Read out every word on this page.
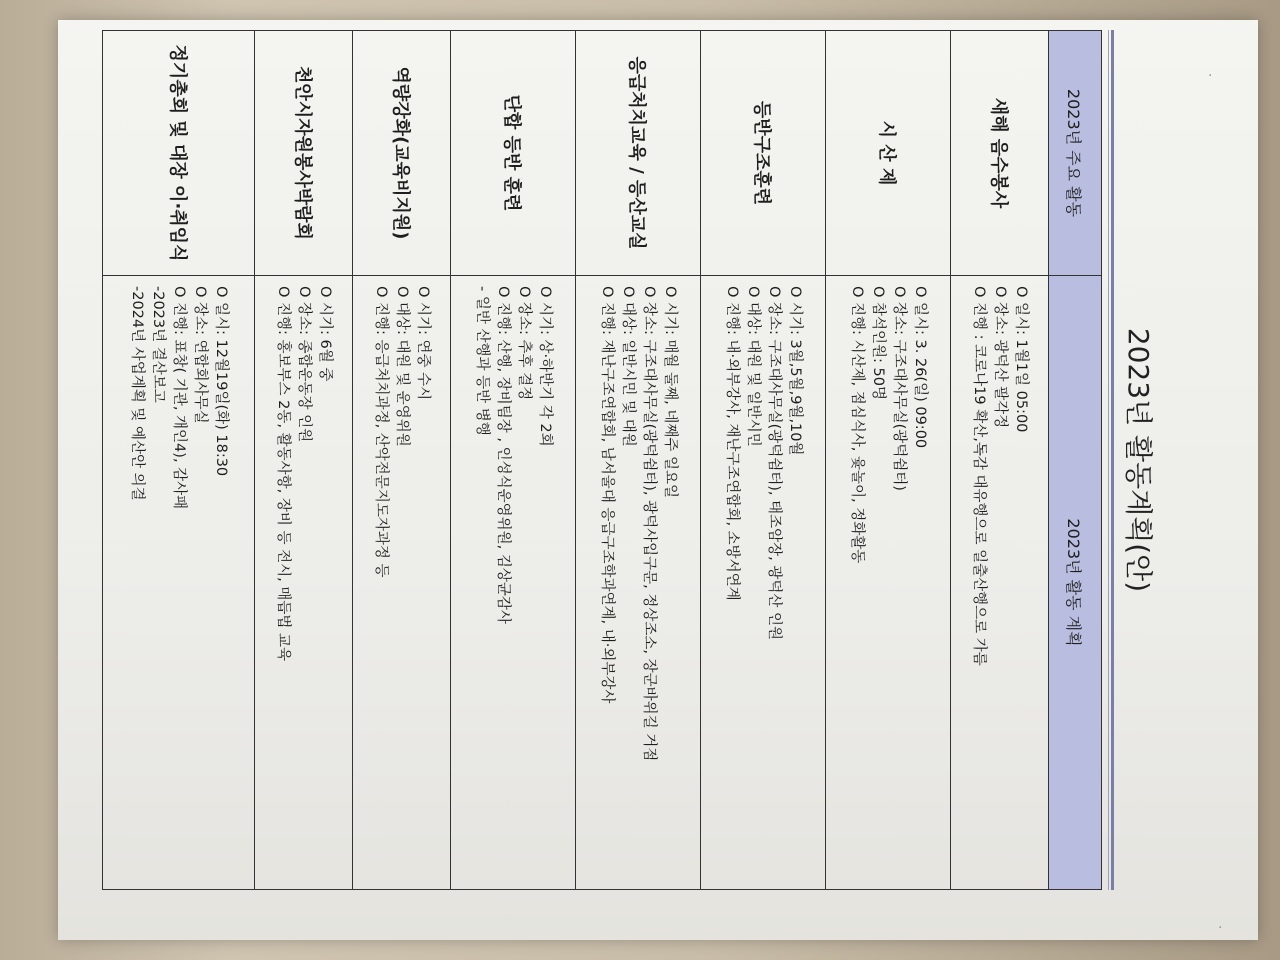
·
·
2023년 활동계획(안)
2023년 주요 활동	2023년 활동 계획
새해 음수봉사	O 일시: 1월1일 05:00
O 장소: 광덕산 팔각정
O 진행 : 코로나19 확산,독감 대유행으로 일출산행으로 가름

시 산 제	O 일시: 3. 26(일) 09:00
O 장소: 구조대사무실(광덕쉼터)
O 참석인원: 50명
O 진행: 시산제, 점심식사, 윷놀이, 정화활동

등반구조훈련	O 시기: 3월,5월,9월,10월
O 장소: 구조대사무실(광덕쉼터), 태조암장, 광덕산 인원
O 대상: 대원 및 일반시민
O 진행: 내·외부강사, 재난구조연합회, 소방서연계

응급처치교육 / 등산교실	O 시기: 매월 둘째, 네째주 일요일
O 장소: 구조대사무실(광덕쉼터), 광덕사입구문, 정상조소, 장군바위길 거점
O 대상: 일반시민 및 대원
O 진행: 재난구조연합회, 남서울대 응급구조학과연계, 내·외부강사

단합 등반 훈련	O 시기: 상·하반기 각 2회
O 장소: 추후 결정
O 진행: 산행, 장비팀장 , 인성식운영위원, 김상균감사
- 일반 산행과 등반 병행

역량강화(교육비지원)	O 시기: 연중 수시
O 대상: 대원 및 운영위원
O 진행: 응급처치과정, 산악전문지도자과정 등

천안시자원봉사박람회	O 시기: 6월 중
O 장소: 종합운동장 인원
O 진행: 홍보부스 2동, 활동사항, 장비 등 전시, 매듭법 교육

정기총회 및 대장 이·취임식	O 일시: 12월19일(화) 18:30
O 장소: 연합회사무실
O 진행: 표창( 기관, 개인4), 감사패
-2023년 결산보고
-2024년 사업계획 및 예산안 의결
